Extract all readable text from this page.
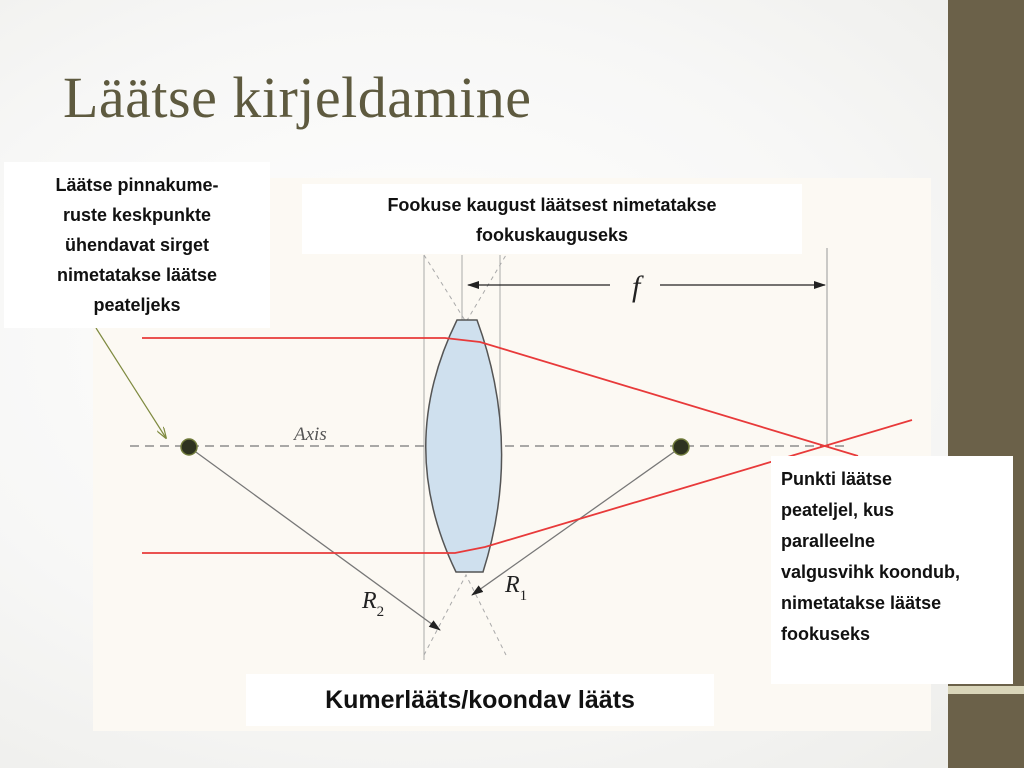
Läätse kirjeldamine
f
Axis
$R_1$
$R_2$
Läätse pinnakume-
ruste keskpunkte
ühendavat sirget
nimetatakse läätse
peateljeks
Fookuse kaugust läätsest nimetatakse
fookuskauguseks
Punkti läätse
peateljel, kus
paralleelne
valgusvihk koondub,
nimetatakse läätse
fookuseks
Kumerlääts/koondav lääts
